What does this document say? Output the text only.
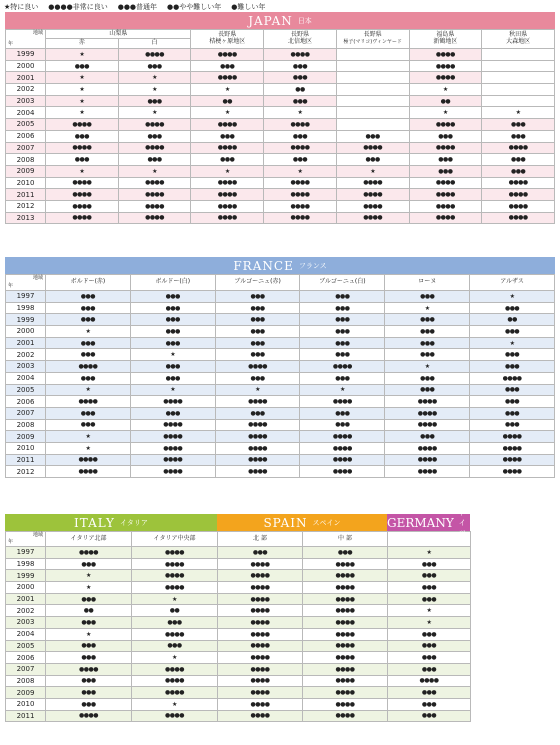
★特に良い ●●●●非常に良い ●●●普通年 ●●やや難しい年 ●難しい年
JAPAN 日本
地域
年	山梨県		長野県
桔梗ヶ原地区	長野県
北信地区	長野県
極子(マリコ)ヴィンヤード	福島県
新鶴地区	秋田県
大森地区
	赤	白					
1999	★	●●●●	●●●●	●●●●		●●●●	
2000	●●●	●●●	●●●	●●●		●●●●	
2001	★	★	●●●●	●●●		●●●●	
2002	★	★	★	●●		★	
2003	★	●●●	●●	●●●		●●	
2004	★	★	★	★		★	★
2005	●●●●	●●●●	●●●●	●●●●		●●●●	●●●
2006	●●●	●●●	●●●	●●●	●●●	●●●	●●●
2007	●●●●	●●●●	●●●●	●●●●	●●●●	●●●●	●●●●
2008	●●●	●●●	●●●	●●●	●●●	●●●	●●●
2009	★	★	★	★	★	●●●	●●●
2010	●●●●	●●●●	●●●●	●●●●	●●●●	●●●●	●●●●
2011	●●●●	●●●●	●●●●	●●●●	●●●●	●●●●	●●●●
2012	●●●●	●●●●	●●●●	●●●●	●●●●	●●●●	●●●●
2013	●●●●	●●●●	●●●●	●●●●	●●●●	●●●●	●●●●
FRANCE フランス
地域
年	ボルドー(赤)	ボルドー(白)	ブルゴーニュ(赤)	ブルゴーニュ(白)	ローヌ	アルザス
1997	●●●	●●●	●●●	●●●	●●●	★
1998	●●●	●●●	●●●	●●●	★	●●●
1999	●●●	●●●	●●●	●●●	●●●	●●
2000	★	●●●	●●●	●●●	●●●	●●●
2001	●●●	●●●	●●●	●●●	●●●	★
2002	●●●	★	●●●	●●●	●●●	●●●
2003	●●●●	●●●	●●●●	●●●●	★	●●●
2004	●●●	●●●	●●●	●●●	●●●	●●●●
2005	★	★	★	★	●●●	●●●
2006	●●●●	●●●●	●●●●	●●●●	●●●●	●●●
2007	●●●	●●●	●●●	●●●	●●●●	●●●
2008	●●●	●●●●	●●●●	●●●	●●●●	●●●
2009	★	●●●●	●●●●	●●●●	●●●	●●●●
2010	★	●●●●	●●●●	●●●●	●●●●	●●●●
2011	●●●●	●●●●	●●●●	●●●●	●●●●	●●●●
2012	●●●●	●●●●	●●●●	●●●●	●●●●	●●●●
ITALY イタリア	SPAIN スペイン	GERMANY
ドイツ
地域
年	イタリア北部	イタリア中央部	北 部	中 部	
1997	●●●●	●●●●	●●●	●●●	★
1998	●●●	●●●●	●●●●	●●●●	●●●
1999	★	●●●●	●●●●	●●●●	●●●
2000	★	●●●●	●●●●	●●●●	●●●
2001	●●●	★	●●●●	●●●●	●●●
2002	●●	●●	●●●●	●●●●	★
2003	●●●	●●●	●●●●	●●●●	★
2004	★	●●●●	●●●●	●●●●	●●●
2005	●●●	●●●	●●●●	●●●●	●●●
2006	●●●	★	●●●●	●●●●	●●●
2007	●●●●	●●●●	●●●●	●●●●	●●●
2008	●●●	●●●●	●●●●	●●●●	●●●●
2009	●●●	●●●●	●●●●	●●●●	●●●
2010	●●●	★	●●●●	●●●●	●●●
2011	●●●●	●●●●	●●●●	●●●●	●●●
